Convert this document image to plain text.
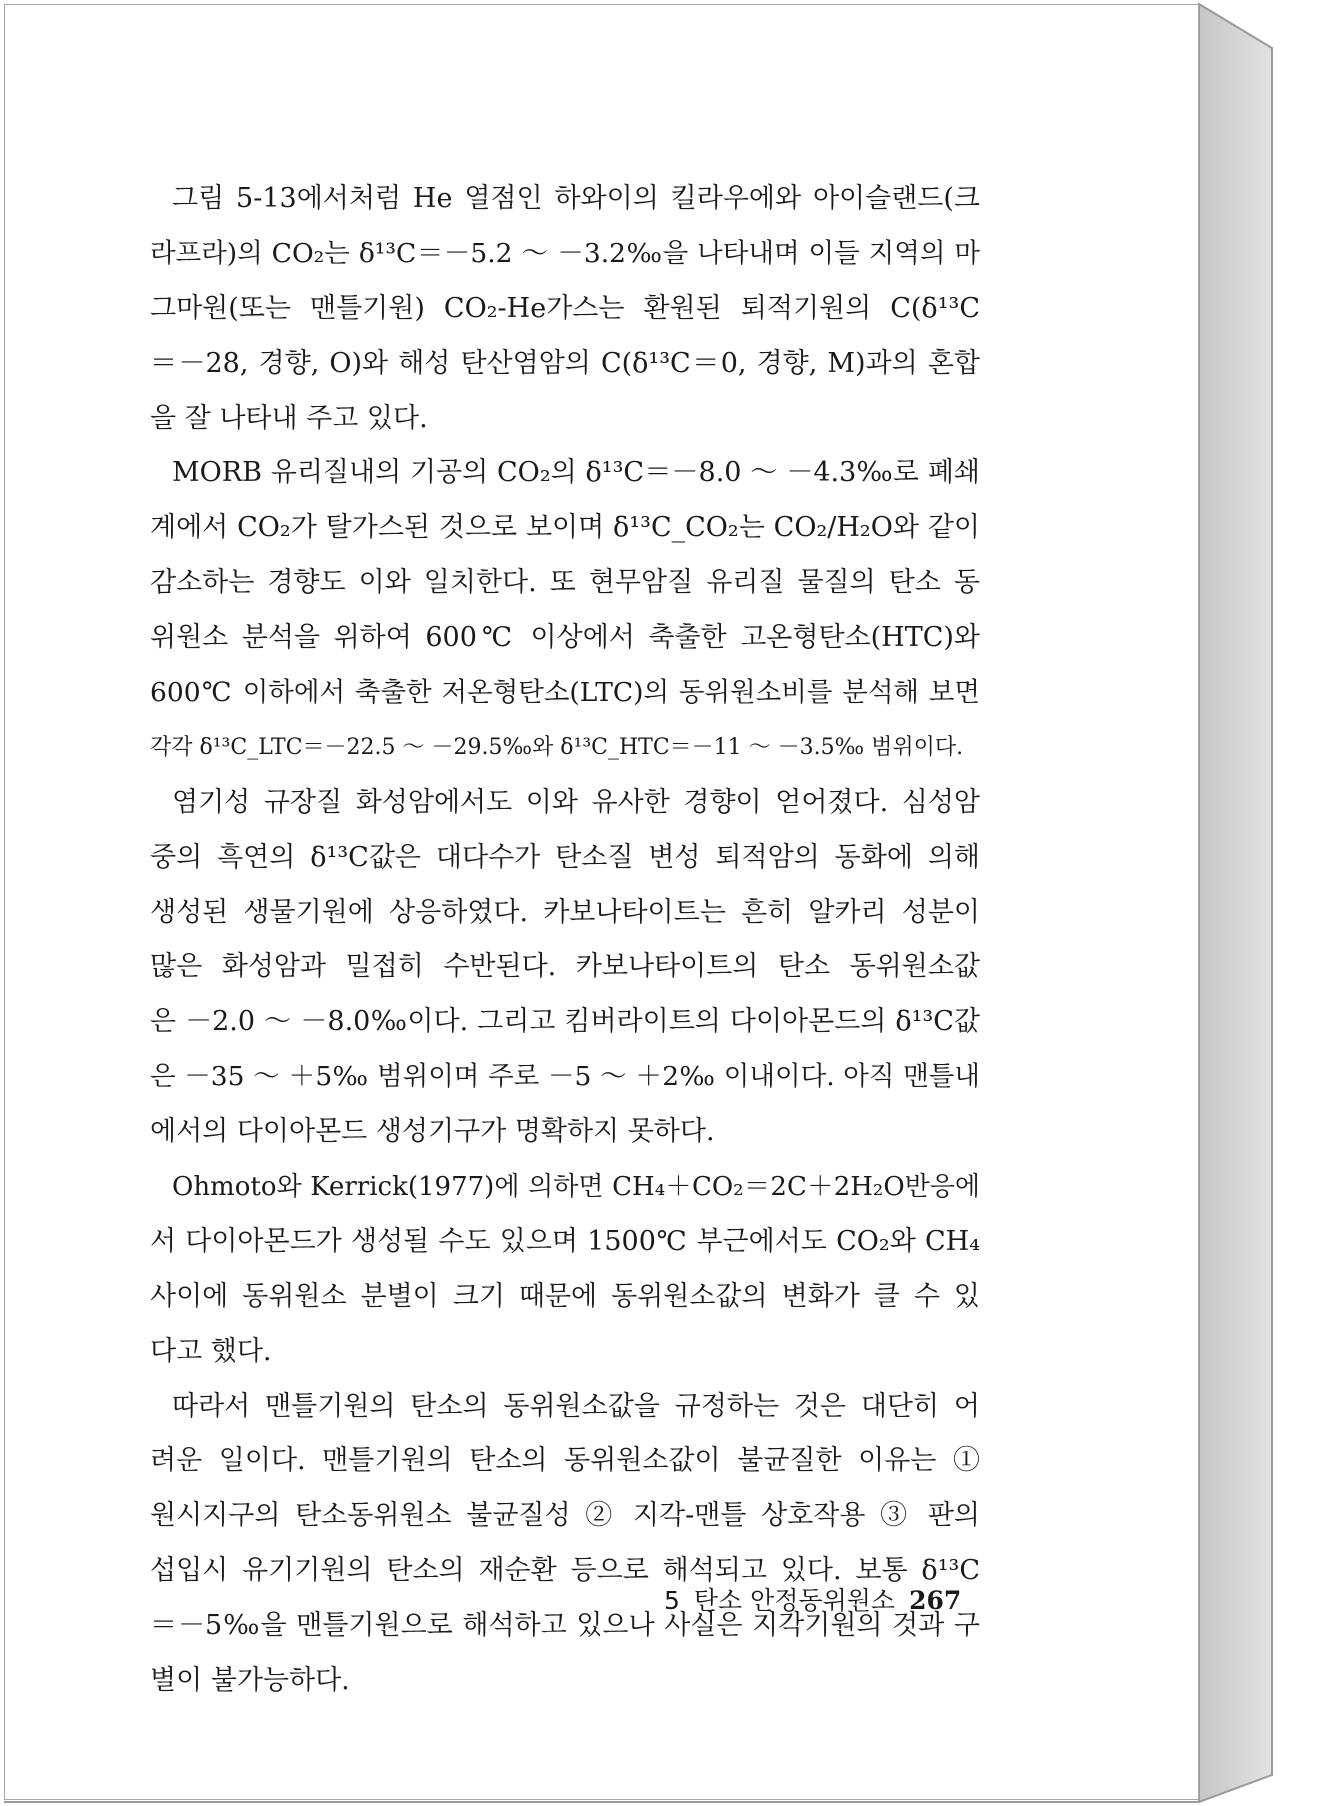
그림 5-13에서처럼 He 열점인 하와이의 킬라우에와 아이슬랜드(크
라프라)의 CO₂는 δ¹³C＝－5.2 ～ －3.2‰을 나타내며 이들 지역의 마
그마원(또는 맨틀기원) CO₂-He가스는 환원된 퇴적기원의 C(δ¹³C
＝－28, 경향, O)와 해성 탄산염암의 C(δ¹³C＝0, 경향, M)과의 혼합
을 잘 나타내 주고 있다.
MORB 유리질내의 기공의 CO₂의 δ¹³C＝－8.0 ～ －4.3‰로 폐쇄
계에서 CO₂가 탈가스된 것으로 보이며 δ¹³C_CO₂는 CO₂/H₂O와 같이
감소하는 경향도 이와 일치한다. 또 현무암질 유리질 물질의 탄소 동
위원소 분석을 위하여 600℃ 이상에서 축출한 고온형탄소(HTC)와
600℃ 이하에서 축출한 저온형탄소(LTC)의 동위원소비를 분석해 보면
각각 δ¹³C_LTC＝－22.5 ～ －29.5‰와 δ¹³C_HTC＝－11 ～ －3.5‰ 범위이다.
염기성 규장질 화성암에서도 이와 유사한 경향이 얻어졌다. 심성암
중의 흑연의 δ¹³C값은 대다수가 탄소질 변성 퇴적암의 동화에 의해
생성된 생물기원에 상응하였다. 카보나타이트는 흔히 알카리 성분이
많은 화성암과 밀접히 수반된다. 카보나타이트의 탄소 동위원소값
은 －2.0 ～ －8.0‰이다. 그리고 킴버라이트의 다이아몬드의 δ¹³C값
은 －35 ～ ＋5‰ 범위이며 주로 －5 ～ ＋2‰ 이내이다. 아직 맨틀내
에서의 다이아몬드 생성기구가 명확하지 못하다.
Ohmoto와 Kerrick(1977)에 의하면 CH₄＋CO₂＝2C＋2H₂O반응에
서 다이아몬드가 생성될 수도 있으며 1500℃ 부근에서도 CO₂와 CH₄
사이에 동위원소 분별이 크기 때문에 동위원소값의 변화가 클 수 있
다고 했다.
따라서 맨틀기원의 탄소의 동위원소값을 규정하는 것은 대단히 어
려운 일이다. 맨틀기원의 탄소의 동위원소값이 불균질한 이유는 ①
원시지구의 탄소동위원소 불균질성 ② 지각-맨틀 상호작용 ③ 판의
섭입시 유기기원의 탄소의 재순환 등으로 해석되고 있다. 보통 δ¹³C
＝－5‰을 맨틀기원으로 해석하고 있으나 사실은 지각기원의 것과 구
별이 불가능하다.
5 탄소 안정동위원소 267
